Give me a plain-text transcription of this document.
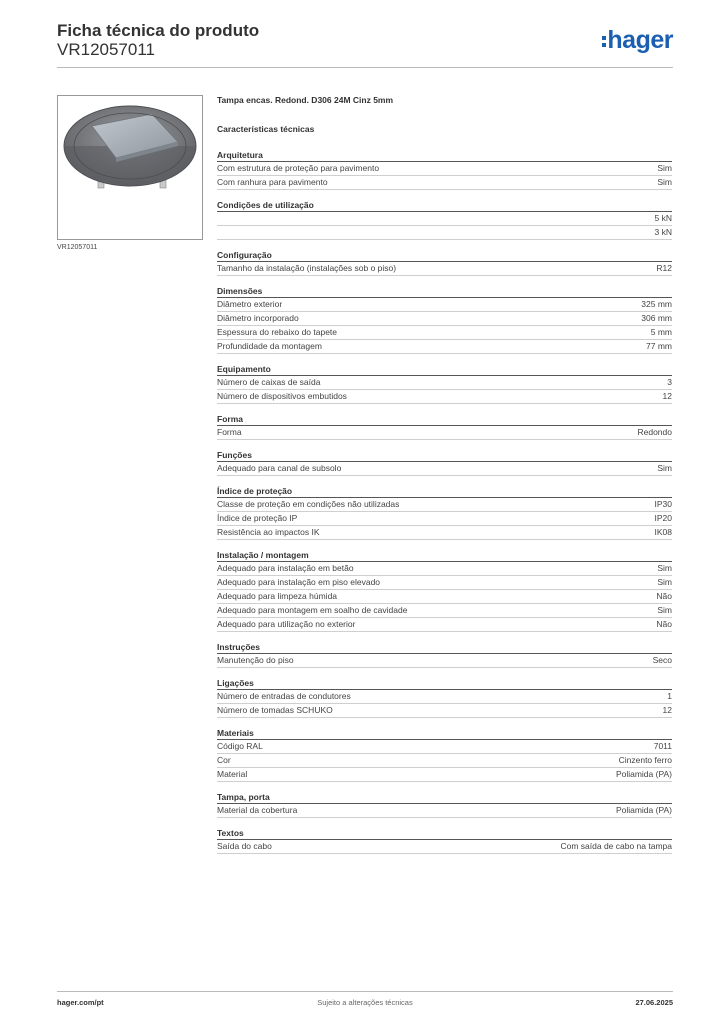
Ficha técnica do produto
VR12057011	hager
VR12057011
Tampa encas. Redond. D306 24M Cinz 5mm
Características técnicas
Arquitetura
Com estrutura de proteção para pavimento	Sim
Com ranhura para pavimento	Sim
Condições de utilização
5 kN
3 kN
Configuração
Tamanho da instalação (instalações sob o piso)	R12
Dimensões
Diâmetro exterior	325 mm
Diâmetro incorporado	306 mm
Espessura do rebaixo do tapete	5 mm
Profundidade da montagem	77 mm
Equipamento
Número de caixas de saída	3
Número de dispositivos embutidos	12
Forma
Forma	Redondo
Funções
Adequado para canal de subsolo	Sim
Índice de proteção
Classe de proteção em condições não utilizadas	IP30
Índice de proteção IP	IP20
Resistência ao impactos IK	IK08
Instalação / montagem
Adequado para instalação em betão	Sim
Adequado para instalação em piso elevado	Sim
Adequado para limpeza húmida	Não
Adequado para montagem em soalho de cavidade	Sim
Adequado para utilização no exterior	Não
Instruções
Manutenção do piso	Seco
Ligações
Número de entradas de condutores	1
Número de tomadas SCHUKO	12
Materiais
Código RAL	7011
Cor	Cinzento ferro
Material	Poliamida (PA)
Tampa, porta
Material da cobertura	Poliamida (PA)
Textos
Saída do cabo	Com saída de cabo na tampa
hager.com/pt	Sujeito a alterações técnicas	27.06.2025
